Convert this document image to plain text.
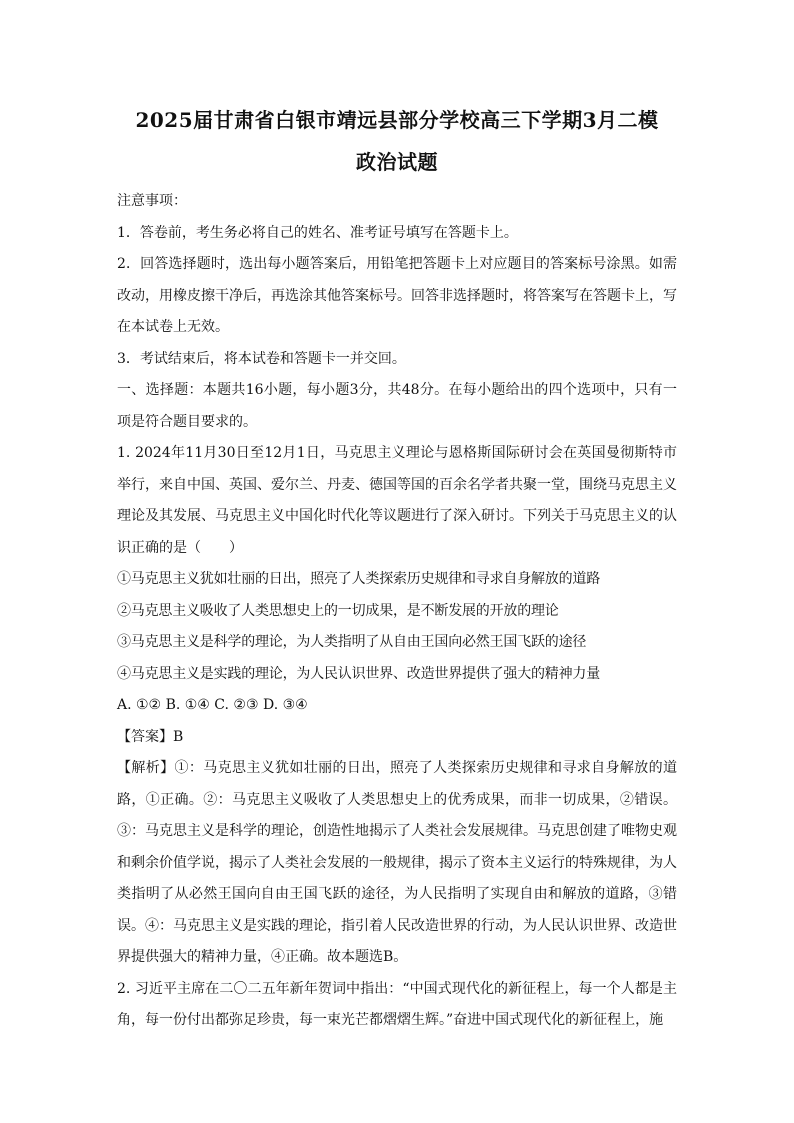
2025届甘肃省白银市靖远县部分学校高三下学期3月二模
政治试题

注意事项：

1．答卷前，考生务必将自己的姓名、准考证号填写在答题卡上。

2．回答选择题时，选出每小题答案后，用铅笔把答题卡上对应题目的答案标号涂黑。如需改动，用橡皮擦干净后，再选涂其他答案标号。回答非选择题时，将答案写在答题卡上，写在本试卷上无效。

3．考试结束后，将本试卷和答题卡一并交回。

一、选择题：本题共16小题，每小题3分，共48分。在每小题给出的四个选项中，只有一项是符合题目要求的。

1. 2024年11月30日至12月1日，马克思主义理论与恩格斯国际研讨会在英国曼彻斯特市举行，来自中国、英国、爱尔兰、丹麦、德国等国的百余名学者共聚一堂，围绕马克思主义理论及其发展、马克思主义中国化时代化等议题进行了深入研讨。下列关于马克思主义的认识正确的是（　　）

①马克思主义犹如壮丽的日出，照亮了人类探索历史规律和寻求自身解放的道路

②马克思主义吸收了人类思想史上的一切成果，是不断发展的开放的理论

③马克思主义是科学的理论，为人类指明了从自由王国向必然王国飞跃的途径

④马克思主义是实践的理论，为人民认识世界、改造世界提供了强大的精神力量

A. ①② B. ①④ C. ②③ D. ③④

【答案】B

【解析】①：马克思主义犹如壮丽的日出，照亮了人类探索历史规律和寻求自身解放的道路，①正确。②：马克思主义吸收了人类思想史上的优秀成果，而非一切成果，②错误。③：马克思主义是科学的理论，创造性地揭示了人类社会发展规律。马克思创建了唯物史观和剩余价值学说，揭示了人类社会发展的一般规律，揭示了资本主义运行的特殊规律，为人类指明了从必然王国向自由王国飞跃的途径，为人民指明了实现自由和解放的道路，③错误。④：马克思主义是实践的理论，指引着人民改造世界的行动，为人民认识世界、改造世界提供强大的精神力量，④正确。故本题选B。

2. 习近平主席在二〇二五年新年贺词中指出：“中国式现代化的新征程上，每一个人都是主角，每一份付出都弥足珍贵，每一束光芒都熠熠生辉。”奋进中国式现代化的新征程上，施
